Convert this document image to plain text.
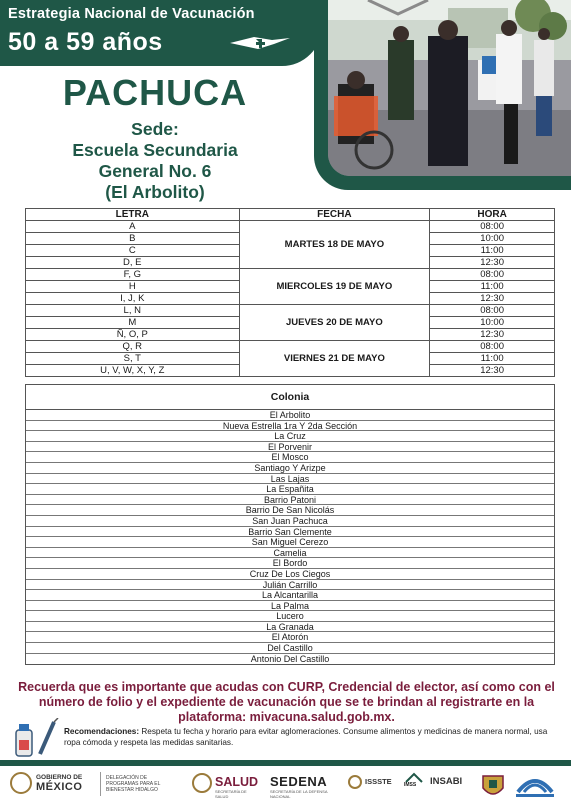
Estrategia Nacional de Vacunación
50 a 59 años
PACHUCA
Sede:
Escuela Secundaria
General No. 6
(El Arbolito)
LETRA	FECHA	HORA
A	MARTES 18 DE MAYO	08:00
B		10:00
C		11:00
D, E		12:30
F, G	MIERCOLES 19 DE MAYO	08:00
H		11:00
I, J, K		12:30
L, N	JUEVES 20 DE MAYO	08:00
M		10:00
Ñ, O, P		12:30
Q, R	VIERNES 21 DE MAYO	08:00
S, T		11:00
U, V, W, X, Y, Z		12:30
Colonia
El Arbolito
Nueva Estrella 1ra Y 2da Sección
La Cruz
El Porvenir
El Mosco
Santiago Y Arizpe
Las Lajas
La Españita
Barrio Patoni
Barrio De San Nicolás
San Juan Pachuca
Barrio San Clemente
San Miguel Cerezo
Camelia
El Bordo
Cruz De Los Ciegos
Julián Carrillo
La Alcantarilla
La Palma
Lucero
La Granada
El Atorón
Del Castillo
Antonio Del Castillo
Recuerda que es importante que acudas con CURP, Credencial de elector, así como con el número de folio y el expediente de vacunación que se te brindan al registrarte en la plataforma: mivacuna.salud.gob.mx.
Recomendaciones: Respeta tu fecha y horario para evitar aglomeraciones. Consume alimentos y medicinas de manera normal, usa ropa cómoda y respeta las medidas sanitarias.
GOBIERNO DE
MÉXICO
DELEGACIÓN DE PROGRAMAS PARA EL BIENESTAR HIDALGO
SALUD
SECRETARÍA DE SALUD
SEDENA
SECRETARÍA DE LA DEFENSA NACIONAL
ISSSTE IMSS INSABI
